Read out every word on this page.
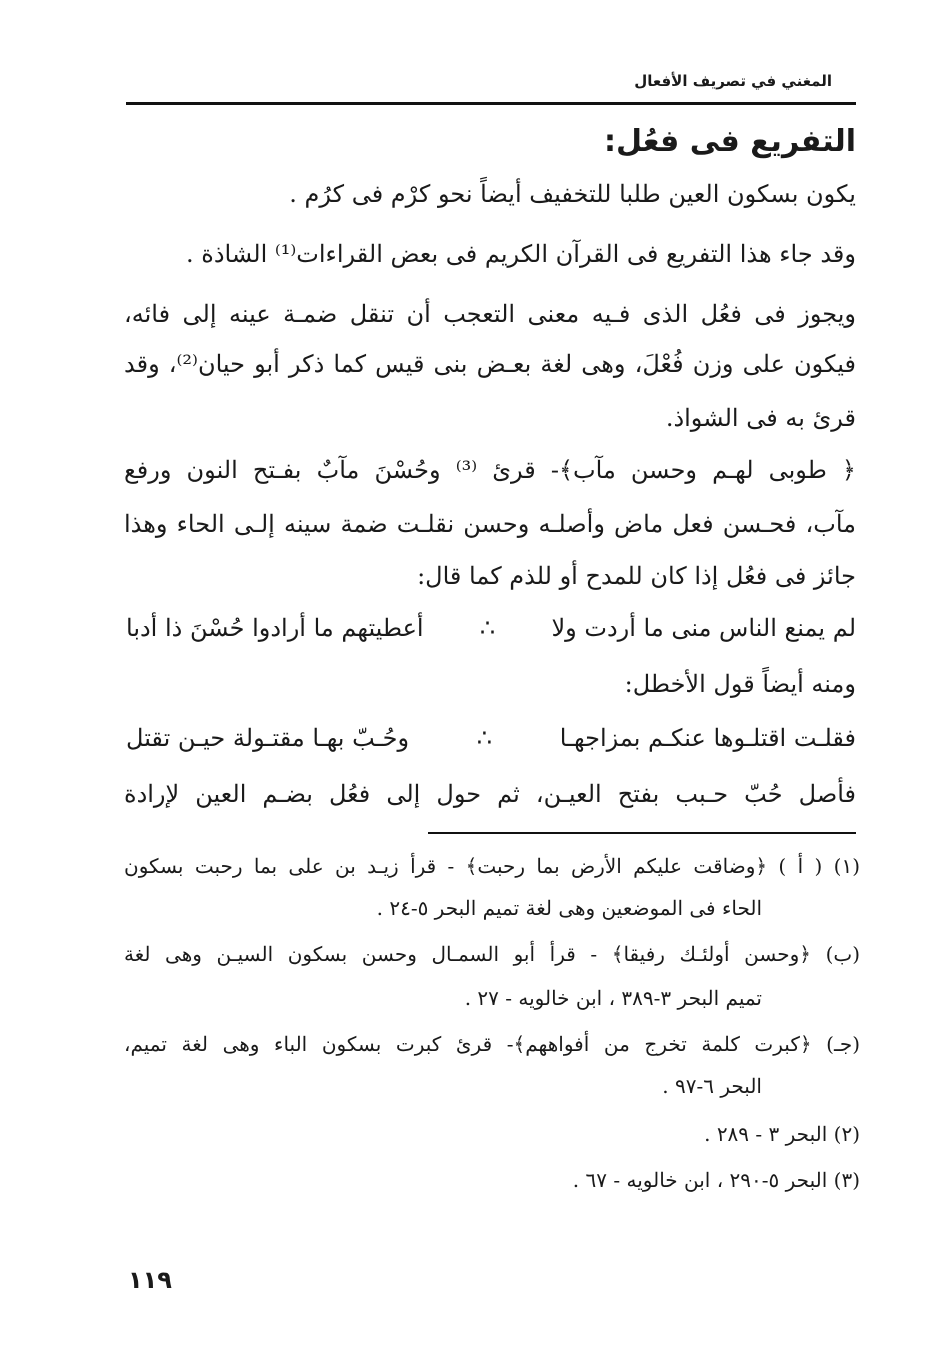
المغني في تصريف الأفعال
التفريع فى فعُل:
يكون بسكون العين طلبا للتخفيف أيضاً نحو كرْم فى كرُم .
وقد جاء هذا التفريع فى القرآن الكريم فى بعض القراءات⁽¹⁾ الشاذة .
ويجوز فى فعُل الذى فـيه معنى التعجب أن تنقل ضمـة عينه إلى فائه،
فيكون على وزن فُعْلَ، وهى لغة بعـض بنى قيس كما ذكر أبو حيان⁽²⁾، وقد
قرئ به فى الشواذ.
﴿ طوبى لهـم وحسن مآب﴾- قرئ ⁽³⁾ وحُسْنَ مآبٌ بفـتح النون ورفع
مآب، فحـسن فعل ماض وأصلـه وحسن نقلـت ضمة سينه إلـى الحاء وهذا
جائز فى فعُل إذا كان للمدح أو للذم كما قال:
لم يمنع الناس منى ما أردت ولا
∴
أعطيتهم ما أرادوا حُسْنَ ذا أدبا
ومنه أيضاً قول الأخطل:
فقلـت اقتلـوها عنكـم بمزاجهـا
∴
وحُـبّ بهـا مقتـولة حيـن تقتل
فأصل حُبّ حـبب بفتح العيـن، ثم حول إلى فعُل بضـم العين لإرادة
(١) ( أ ) ﴿وضاقت عليكم الأرض بما رحبت﴾ - قرأ زيـد بن على بما رحبت بسكون
الحاء فى الموضعين وهى لغة تميم البحر ٥-٢٤ .
(ب) ﴿وحسن أولئـك رفيقا﴾ - قرأ أبو السمـال وحسن بسكون السيـن وهى لغة
تميم البحر ٣-٣٨٩ ، ابن خالويه - ٢٧ .
(جـ) ﴿كبرت كلمة تخرج من أفواههم﴾- قرئ كبرت بسكون الباء وهى لغة تميم،
البحر ٦-٩٧ .
(٢) البحر ٣ - ٢٨٩ .
(٣) البحر ٥-٢٩٠ ، ابن خالويه - ٦٧ .
١١٩
